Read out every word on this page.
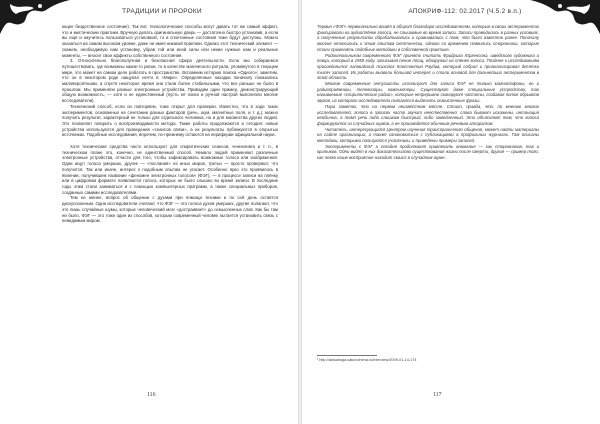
ТРАДИЦИИ И ПРОРОКИ

ющее бездественное состояние). Так вот, технологические способы могут давать тот же самый эффект, что и мистические практики. Вручную делать оригинальную дверь — достаточно быстро установив, а если вы ещё и научитесь пользоваться установкой, то и спонтанные состояния тоже будут доступны. Можно оказаться на самом высоком уровне, даже не имея никакой практики. Однако этот технический элемент — скажем, необходимую нам установку, убрав той или иной силы или некие нужные нам и реальные моменты, — вносит свои эффекты собственного состояния.

3. Относительно благополучная и безопасная сфера деятельности. Если мы собираемся путешествовать, где возможны какие-то риски, то в качестве магического ритуала, упомянутого в текущем мире, это может на самом деле работать в пространстве. Вспомним историю поиска «Одного»; заметим, что он в некотором роде нащупал нечто в «Мире». Определённые находки поначалу показались маловероятными, а спустя некоторое время они стали более стабильными, что все раньше не было в прошлом. Мы применяли разные электронные устройства. Приводим один пример, демонстрирующий общую возможность, — хотя и не единственный (пусть её поиск и ручной настрой выполняли многие исследователи).

Технический способ, если он повторяем, тоже открыт для проверки. Известно, что в ходе таких экспериментов, основанных на сочетании разных факторов (речь, шум, магнитные поля, и т. д.), можно получить результат, характерный не только для отдельного человека, но и для множества других людей. Это позволяет говорить о воспроизводимости метода. Такие работы продолжаются и сегодня: новые устройства используются для проведения «сеансов связи», а их результаты публикуются в открытых источниках. Подобные исследования, впрочем, по-прежнему остаются на периферии официальной науки.

Хотя технические средства часто используют для спиритических сеансов, ченнелинга и т. п., в техническом плане это, конечно, не единственный способ. Немало людей применяют различные электронные устройства, отчасти для того, чтобы зафиксировать возможные голоса или изображения. Одни ищут голоса умерших, другие — «послания» из иных миров, третьи — просто проверяют, что получится. Так или иначе, интерес к подобным опытам не угасает. Особенно ярко это проявилось в явлении, получившем название «феномен электронных голосов» (ФЭГ), — в процессе записи на плёнку или в цифровом формате появляются голоса, которых не было слышно во время записи. В последние годы этим стали заниматься и с помощью компьютерных программ, а также специальных приборов, созданных самими исследователями.

Тем не менее, вопрос об общении с духами при помощи техники и по сей день остаётся дискуссионным. Одни исследователи считают, что ФЭГ — это голоса духов умерших, другие полагают, что это лишь случайные шумы, которые человеческий мозг «достраивает» до осмысленных слов. Как бы там ни было, ФЭГ — это тоже один из способов, которым современный человек пытается установить связь с невидимым миром.

116
АПОКРИФ-112: 02.2017 (Ч.5.2 в.п.)

Термин «ФЭГ» первоначально вошёл в оборот благодаря исследователям, которые в своих экспериментах фиксировали на аудиоплёнке голоса, не слышимые во время записи. Записи проводились в разных условиях, а полученные результаты обрабатывались и сравнивались с тем, что было известно ранее. Поначалу многие относились к этим опытам скептически, однако со временем появились сторонники, которые стали применять подобные методики в собственной практике.

Родоначальником современного ФЭГ принято считать Фридриха Юргенсона, шведского художника и певца, который в 1959 году, записывая пение птиц, обнаружил на плёнке голоса. Позднее к исследованиям присоединился латвийский психолог Константин Раудив, который собрал и проанализировал десятки тысяч записей. Их работы вызвали большой интерес и стали основой для дальнейших экспериментов в этой области.

Многие современные энтузиасты используют для записи ФЭГ не только магнитофоны, но и радиоприёмники, телевизоры, компьютеры. Существуют даже специальные устройства, так называемые «спиритические радио», которые непрерывно сканируют частоты, создавая поток обрывков звуков, из которого исследователи пытаются выделить осмысленные фразы.

Пара заметок, что на первом неизвестном месте. Стоит, правда, что, по мнению многих исследователей, голоса в записях часто звучат неестественно: слова бывают искажены, интонация необычна, а темп речи либо слишком быстрый, либо замедленный. Это объясняют тем, что голоса формируются из случайных шумов, а не производятся обычным речевым аппаратом.

Читатель, интересующийся Центром изучения трансграничного общения, может найти материалы на сайте организации, а также ознакомиться с публикациями в профильных журналах. Там описаны методики, которыми пользуются участники, и приведены примеры записей.

Эксперименты с ФЭГ и сегодня продолжают привлекать внимание — как сторонников, так и критиков. Одни видят в них доказательство существования жизни после смерти, другие — пример того, как легко наше восприятие находит смысл в случайном шуме.

¹ http://aktualnaja-vakunchena.ru/interview/2009-01-14-174
117
